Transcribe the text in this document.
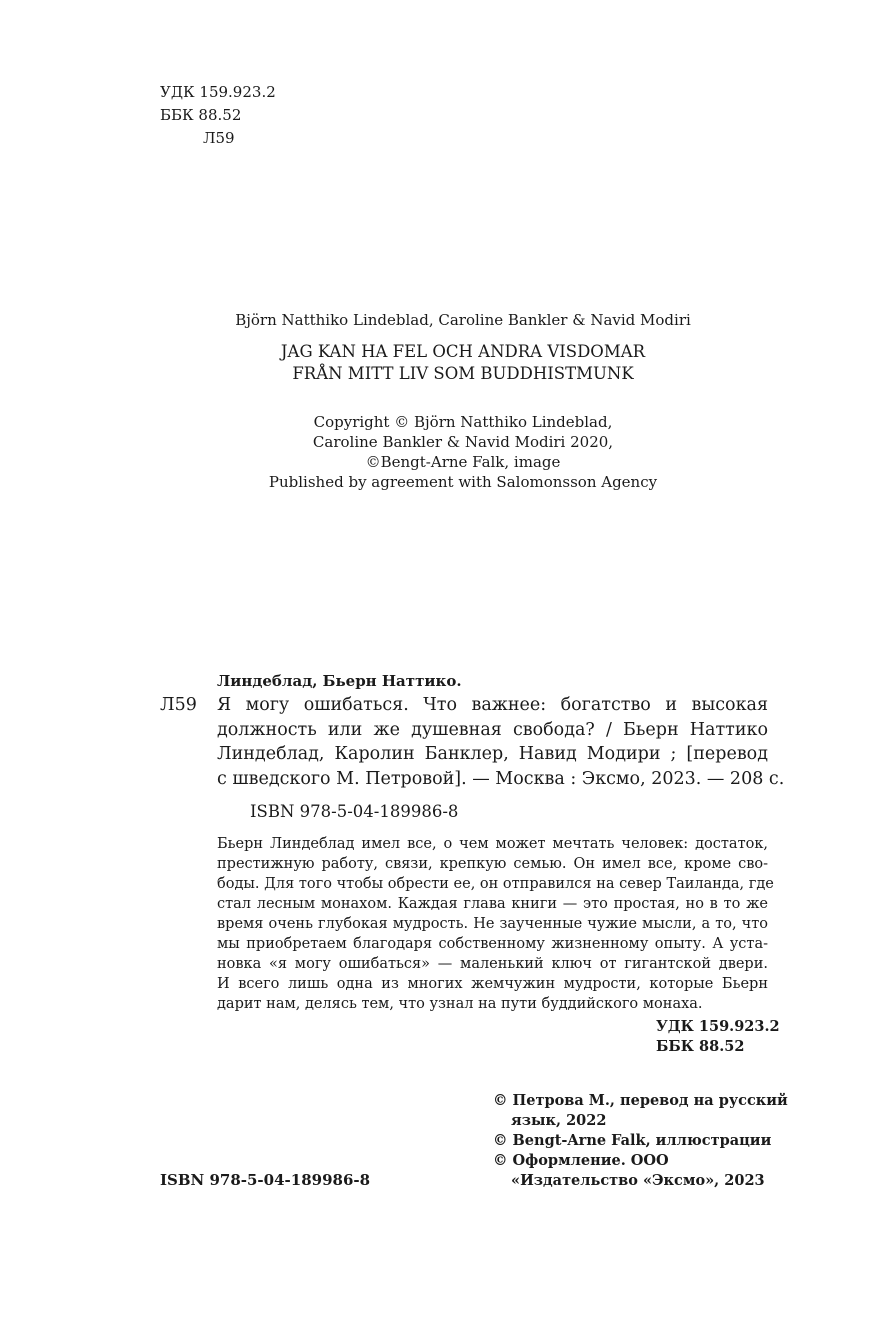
УДК 159.923.2
ББК 88.52
Л59
Björn Natthiko Lindeblad, Caroline Bankler & Navid Modiri
JAG KAN HA FEL OCH ANDRA VISDOMAR
FRÅN MITT LIV SOM BUDDHISTMUNK
Copyright © Björn Natthiko Lindeblad,
Caroline Bankler & Navid Modiri 2020,
©Bengt-Arne Falk, image
Published by agreement with Salomonsson Agency
Линдеблад, Бьерн Наттико.
Л59 Я могу ошибаться. Что важнее: богатство и высокая
должность или же душевная свобода? / Бьерн Наттико
Линдеблад, Каролин Банклер, Навид Модири ; [перевод
с шведского М. Петровой]. — Москва : Эксмо, 2023. — 208 с.
ISBN 978-5-04-189986-8
Бьерн Линдеблад имел все, о чем может мечтать человек: достаток,
престижную работу, связи, крепкую семью. Он имел все, кроме сво-
боды. Для того чтобы обрести ее, он отправился на север Таиланда, где
стал лесным монахом. Каждая глава книги — это простая, но в то же
время очень глубокая мудрость. Не заученные чужие мысли, а то, что
мы приобретаем благодаря собственному жизненному опыту. А уста-
новка «я могу ошибаться» — маленький ключ от гигантской двери.
И всего лишь одна из многих жемчужин мудрости, которые Бьерн
дарит нам, делясь тем, что узнал на пути буддийского монаха.
УДК 159.923.2
ББК 88.52
© Петрова М., перевод на русский
язык, 2022
© Bengt-Arne Falk, иллюстрации
© Оформление. ООО
«Издательство «Эксмо», 2023
ISBN 978-5-04-189986-8
